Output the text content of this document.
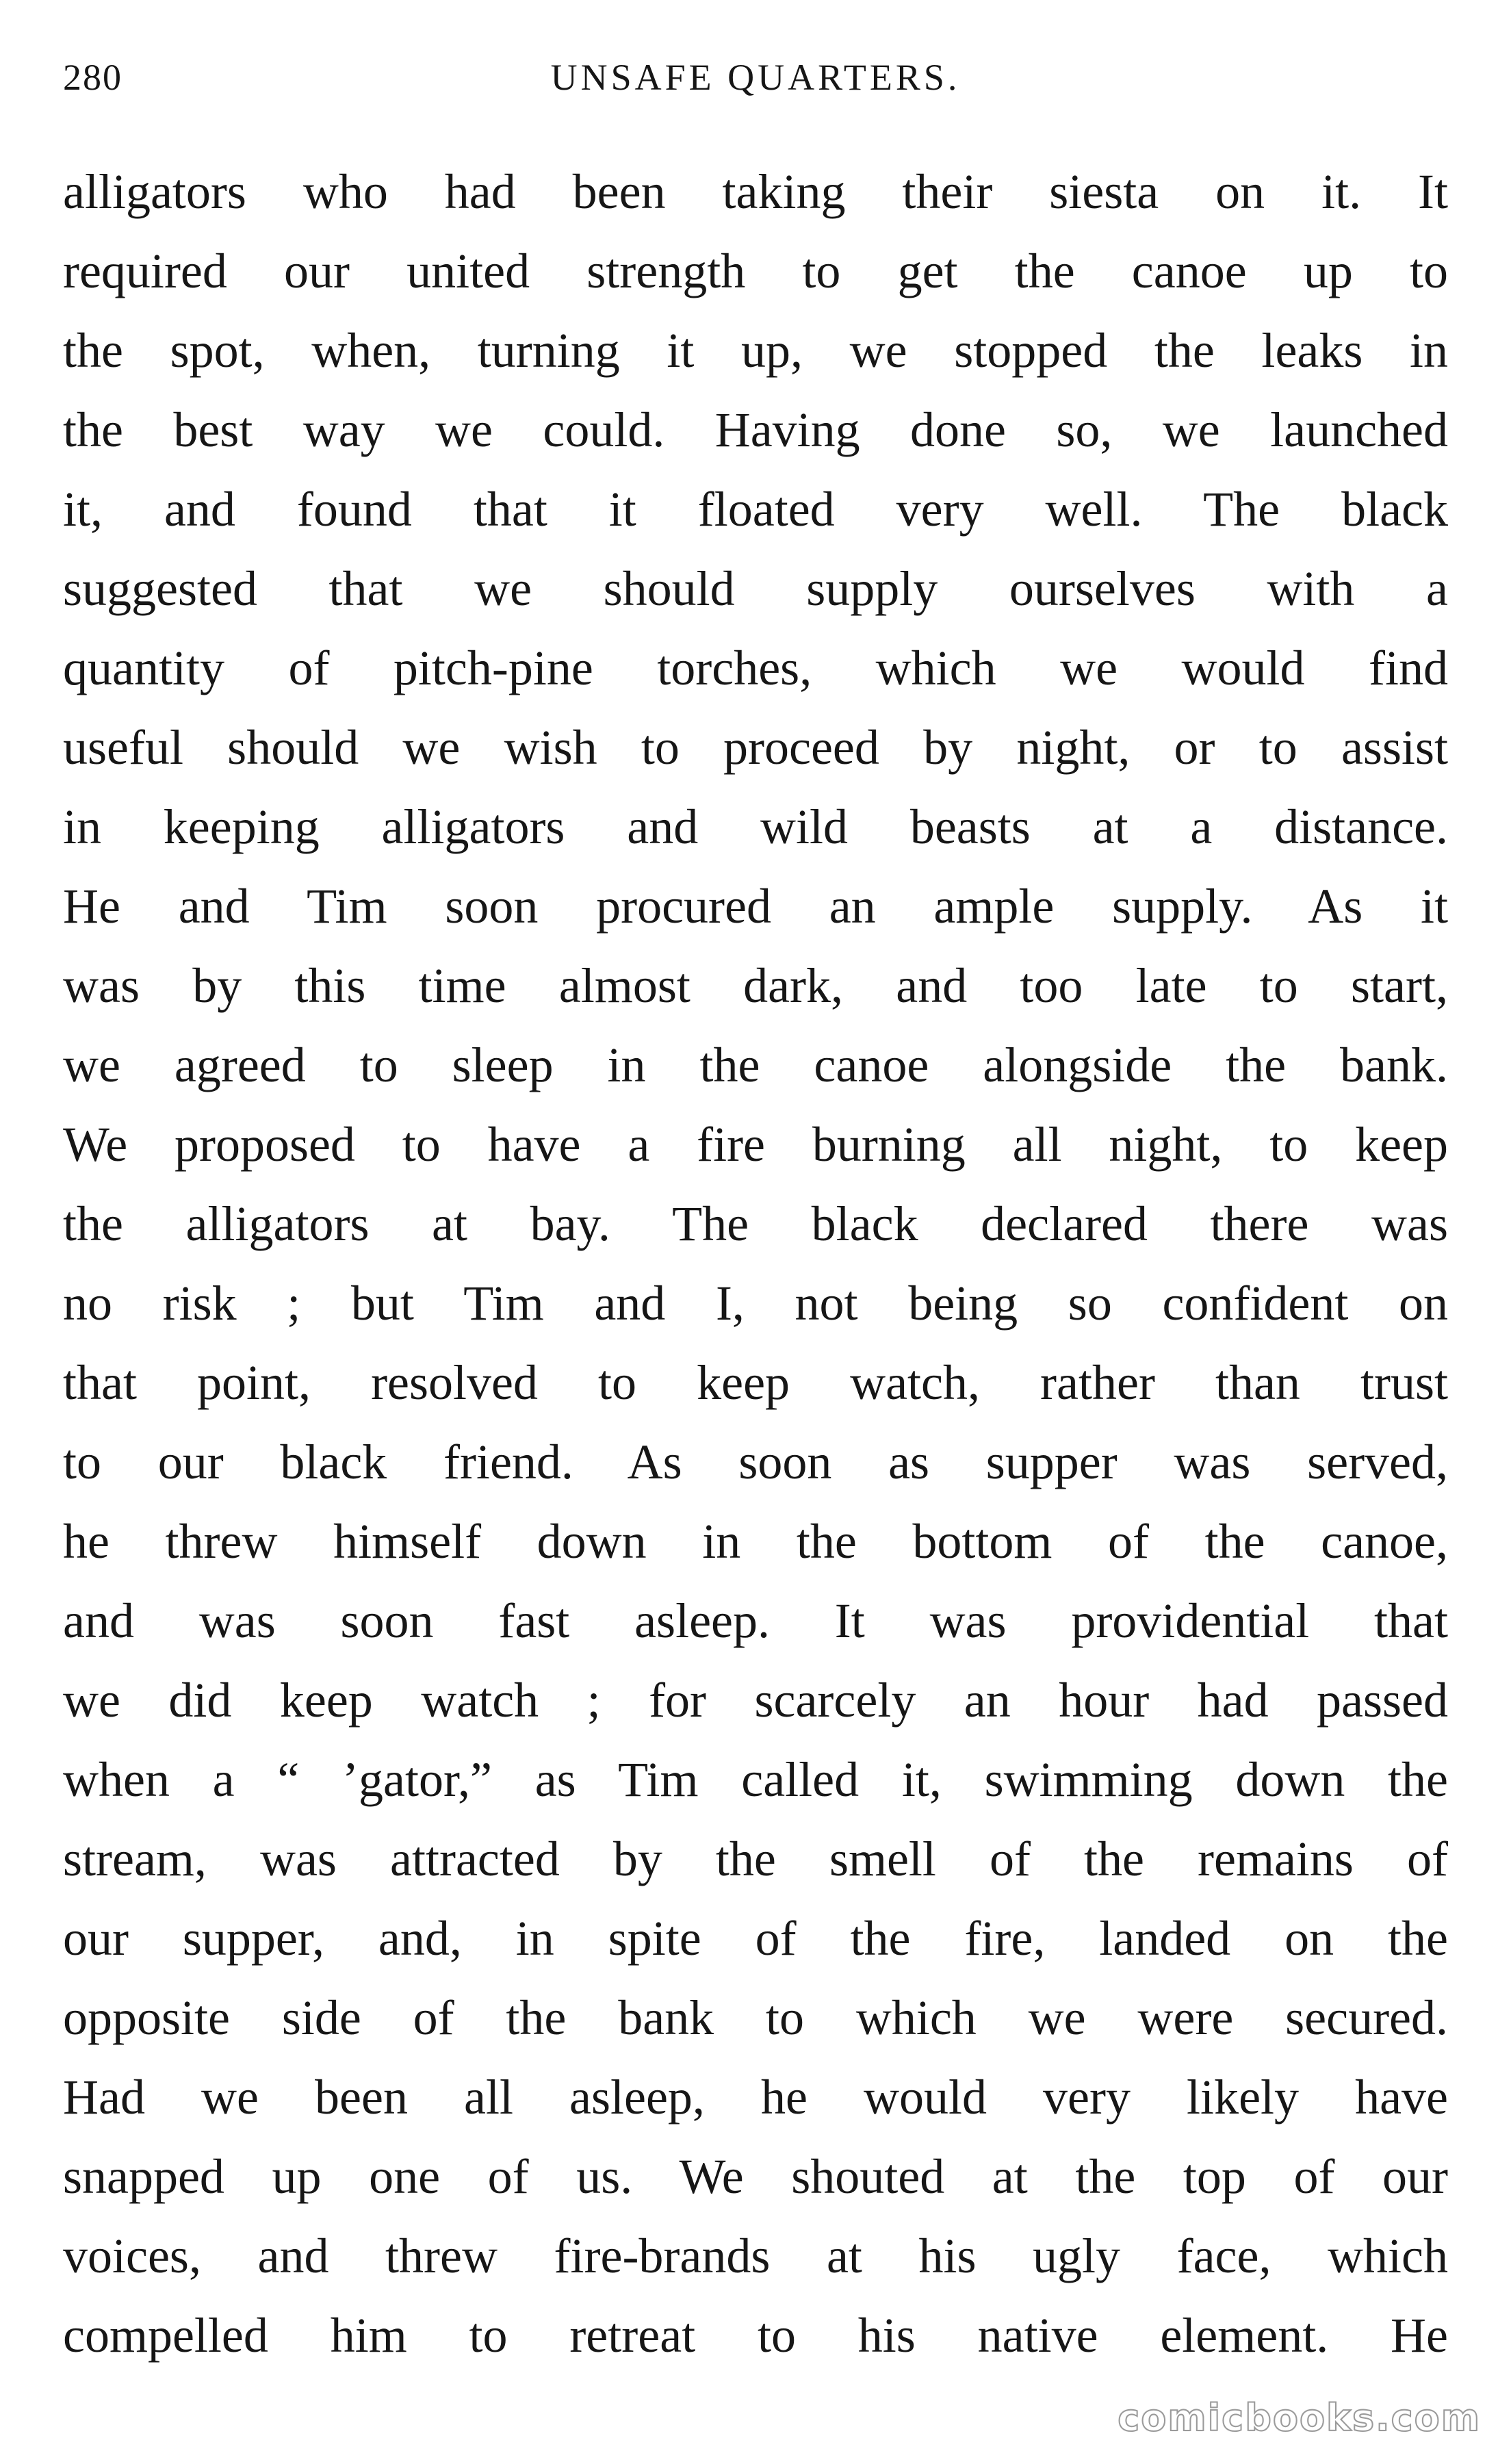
280	UNSAFE QUARTERS.
alligators who had been taking their siesta on it. It
required our united strength to get the canoe up to
the spot, when, turning it up, we stopped the leaks in
the best way we could. Having done so, we launched
it, and found that it floated very well. The black
suggested that we should supply ourselves with a
quantity of pitch-pine torches, which we would find
useful should we wish to proceed by night, or to assist
in keeping alligators and wild beasts at a distance.
He and Tim soon procured an ample supply. As it
was by this time almost dark, and too late to start,
we agreed to sleep in the canoe alongside the bank.
We proposed to have a fire burning all night, to keep
the alligators at bay. The black declared there was
no risk ; but Tim and I, not being so confident on
that point, resolved to keep watch, rather than trust
to our black friend. As soon as supper was served,
he threw himself down in the bottom of the canoe,
and was soon fast asleep. It was providential that
we did keep watch ; for scarcely an hour had passed
when a “ ’gator,” as Tim called it, swimming down the
stream, was attracted by the smell of the remains of
our supper, and, in spite of the fire, landed on the
opposite side of the bank to which we were secured.
Had we been all asleep, he would very likely have
snapped up one of us. We shouted at the top of our
voices, and threw fire-brands at his ugly face, which
compelled him to retreat to his native element. He
comicbooks.com
